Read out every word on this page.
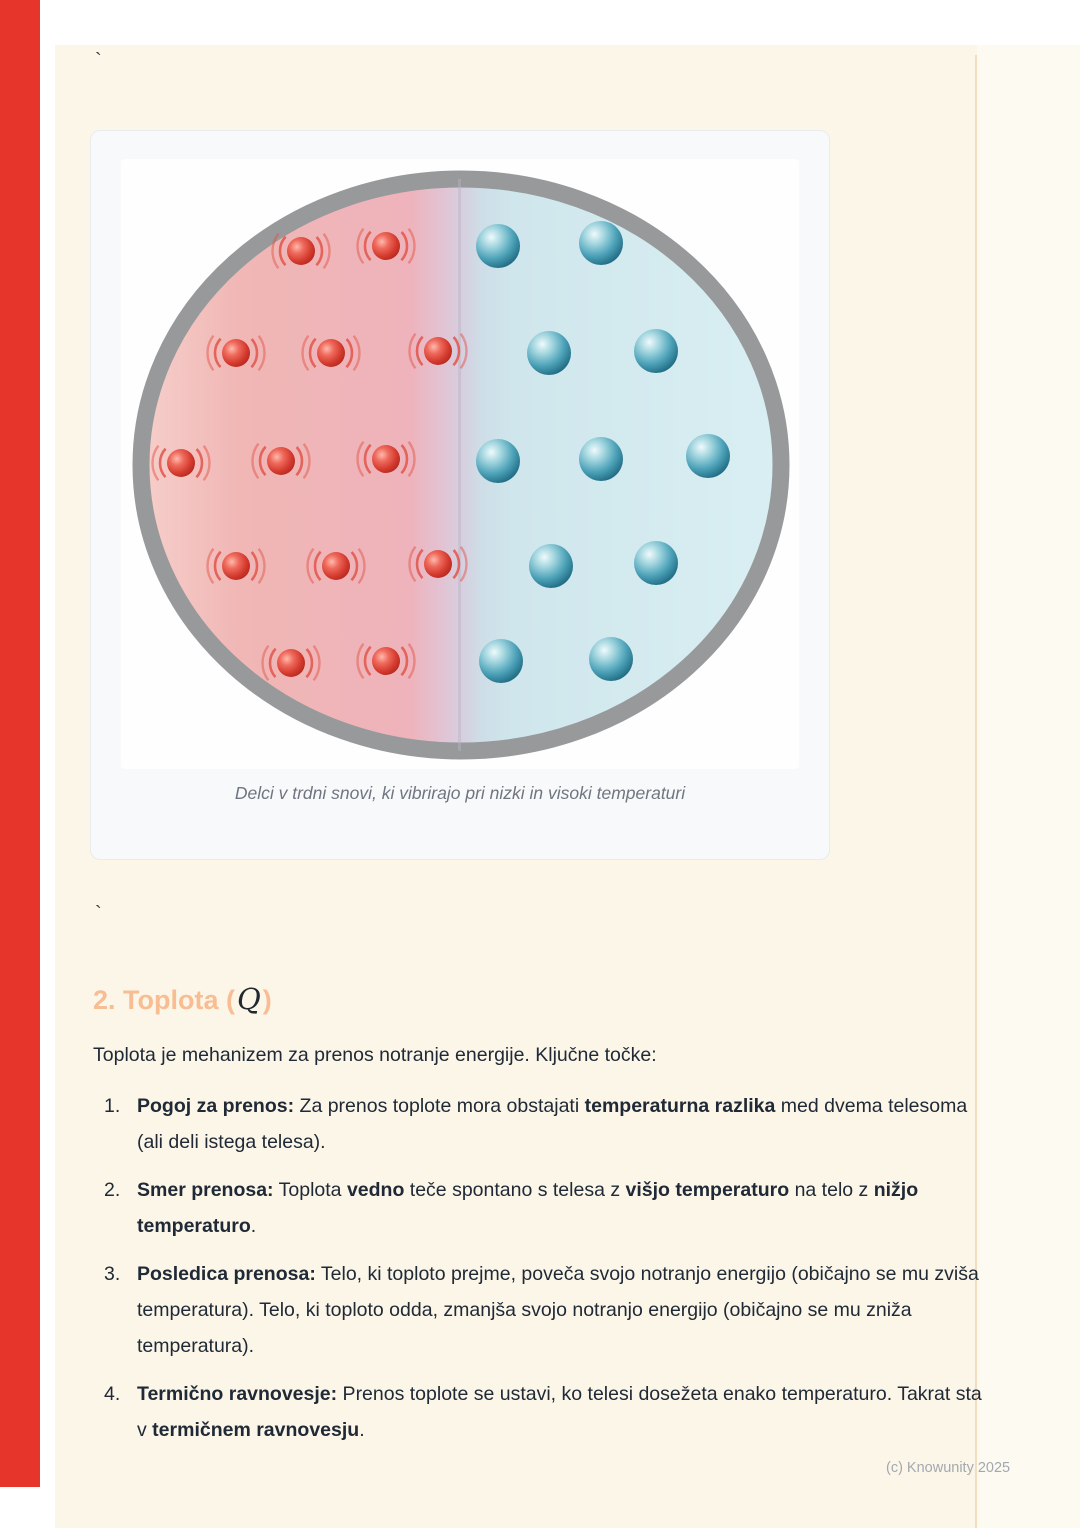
`
Delci v trdni snovi, ki vibrirajo pri nizki in visoki temperaturi
`
2. Toplota (Q)
Toplota je mehanizem za prenos notranje energije. Ključne točke:
1. Pogoj za prenos: Za prenos toplote mora obstajati temperaturna razlika med dvema telesoma (ali deli istega telesa).
2. Smer prenosa: Toplota vedno teče spontano s telesa z višjo temperaturo na telo z nižjo temperaturo.
3. Posledica prenosa: Telo, ki toploto prejme, poveča svojo notranjo energijo (običajno se mu zviša temperatura). Telo, ki toploto odda, zmanjša svojo notranjo energijo (običajno se mu zniža temperatura).
4. Termično ravnovesje: Prenos toplote se ustavi, ko telesi dosežeta enako temperaturo. Takrat sta v termičnem ravnovesju.
(c) Knowunity 2025
